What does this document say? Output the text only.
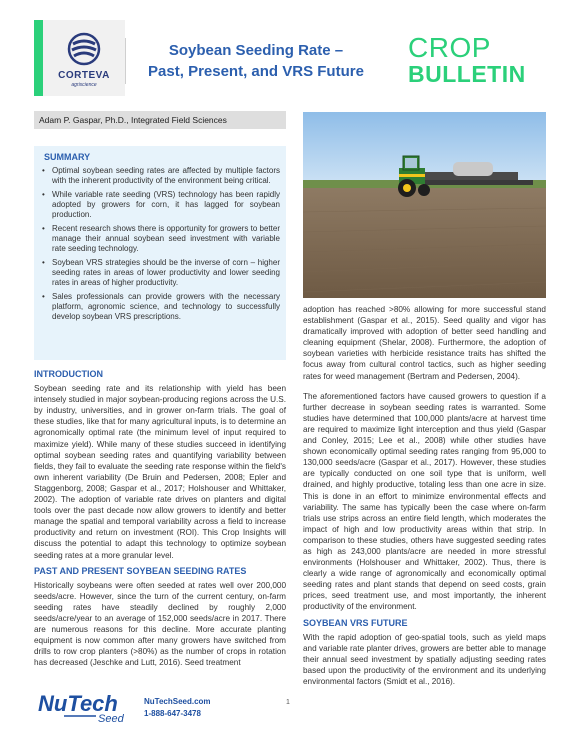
CORTEVA
agriscience
Soybean Seeding Rate –
Past, Present, and VRS Future
CROP
BULLETIN
Adam P. Gaspar, Ph.D., Integrated Field Sciences
SUMMARY
• Optimal soybean seeding rates are affected by multiple factors with the inherent productivity of the environment being critical.
• While variable rate seeding (VRS) technology has been rapidly adopted by growers for corn, it has lagged for soybean production.
• Recent research shows there is opportunity for growers to better manage their annual soybean seed investment with variable rate seeding technology.
• Soybean VRS strategies should be the inverse of corn – higher seeding rates in areas of lower productivity and lower seeding rates in areas of higher productivity.
• Sales professionals can provide growers with the necessary platform, agronomic science, and technology to successfully develop soybean VRS prescriptions.
INTRODUCTION

Soybean seeding rate and its relationship with yield has been intensely studied in major soybean-producing regions across the U.S. by industry, universities, and in grower on-farm trials. The goal of these studies, like that for many agricultural inputs, is to determine an agronomically optimal rate (the minimum level of input required to maximize yield). While many of these studies succeed in identifying optimal soybean seeding rates and quantifying variability between fields, they fail to evaluate the seeding rate response within the field's own inherent variability (De Bruin and Pedersen, 2008; Epler and Staggenborg, 2008; Gaspar et al., 2017; Holshouser and Whittaker, 2002). The adoption of variable rate drives on planters and digital tools over the past decade now allow growers to identify and better manage the spatial and temporal variability across a field to increase productivity and return on investment (ROI). This Crop Insights will discuss the potential to adapt this technology to optimize soybean seeding rates at a more granular level.

PAST AND PRESENT SOYBEAN SEEDING RATES

Historically soybeans were often seeded at rates well over 200,000 seeds/acre. However, since the turn of the current century, on-farm seeding rates have steadily declined by roughly 2,000 seeds/acre/year to an average of 152,000 seeds/acre in 2017. There are numerous reasons for this decline. More accurate planting equipment is now common after many growers have switched from drills to row crop planters (>80%) as the number of crops in rotation has decreased (Jeschke and Lutt, 2016). Seed treatment

adoption has reached >80% allowing for more successful stand establishment (Gaspar et al., 2015). Seed quality and vigor has dramatically improved with adoption of better seed handling and cleaning equipment (Shelar, 2008). Furthermore, the adoption of soybean varieties with herbicide resistance traits has shifted the focus away from cultural control tactics, such as higher seeding rates for weed management (Bertram and Pedersen, 2004).

The aforementioned factors have caused growers to question if a further decrease in soybean seeding rates is warranted. Some studies have determined that 100,000 plants/acre at harvest time are required to maximize light interception and thus yield (Gaspar and Conley, 2015; Lee et al., 2008) while other studies have shown economically optimal seeding rates ranging from 95,000 to 130,000 seeds/acre (Gaspar et al., 2017). However, these studies are typically conducted on one soil type that is uniform, well drained, and highly productive, totaling less than one acre in size. This is done in an effort to minimize environmental effects and variability. The same has typically been the case where on-farm trials use strips across an entire field length, which moderates the impact of high and low productivity areas within that strip. In comparison to these studies, others have suggested seeding rates as high as 243,000 plants/acre are needed in more stressful environments (Holshouser and Whittaker, 2002). Thus, there is clearly a wide range of agronomically and economically optimal seeding rates and plant stands that depend on seed costs, grain prices, seed treatment use, and most importantly, the inherent productivity of the environment.

SOYBEAN VRS FUTURE

With the rapid adoption of geo-spatial tools, such as yield maps and variable rate planter drives, growers are better able to manage their annual seed investment by spatially adjusting seeding rates based upon the productivity of the environment and its underlying environmental factors (Smidt et al., 2016).

NuTech
Seed
NuTechSeed.com
1-888-647-3478
1
